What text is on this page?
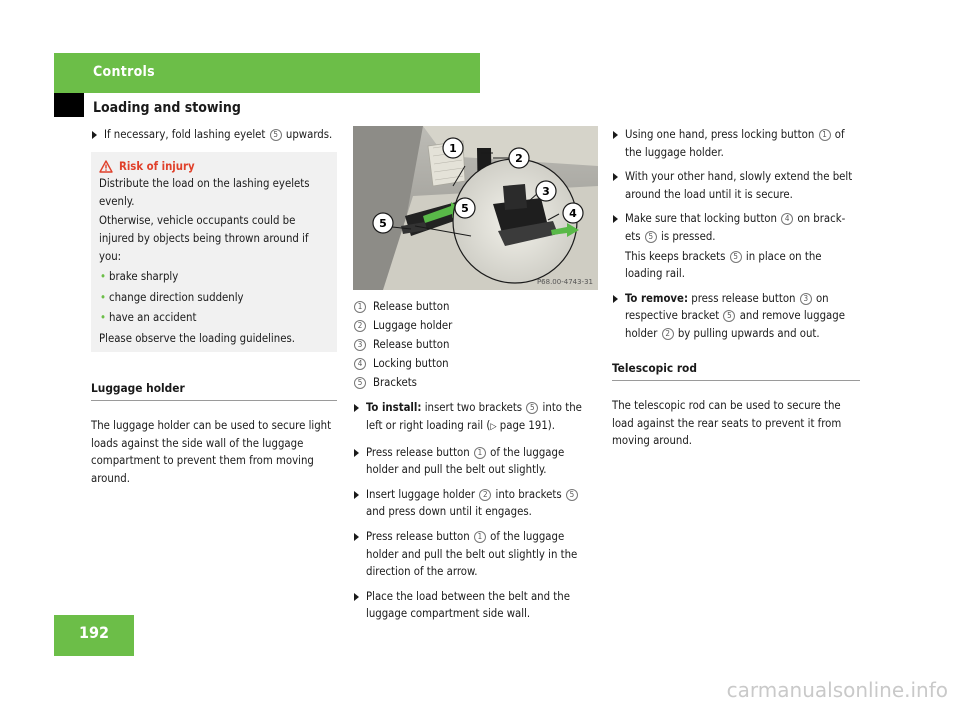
Controls
Loading and stowing
If necessary, fold lashing eyelet 5 upwards.
Risk of injury

Distribute the load on the lashing eyelets evenly.

Otherwise, vehicle occupants could be injured by objects being thrown around if you:

• brake sharply
• change direction suddenly
• have an accident

Please observe the loading guidelines.

Luggage holder

The luggage holder can be used to secure light loads against the side wall of the luggage compartment to prevent them from moving around.

1
2
3
4
5
5
P68.00-4743-31
1 Release button
2 Luggage holder
3 Release button
4 Locking button
5 Brackets
To install: insert two brackets 5 into the left or right loading rail (▷ page 191).
Press release button 1 of the luggage holder and pull the belt out slightly.
Insert luggage holder 2 into brackets 5 and press down until it engages.
Press release button 1 of the luggage holder and pull the belt out slightly in the direction of the arrow.
Place the load between the belt and the luggage compartment side wall.
Using one hand, press locking button 1 of the luggage holder.
With your other hand, slowly extend the belt around the load until it is secure.

Make sure that locking button 4 on brack-ets 5 is pressed.

This keeps brackets 5 in place on the loading rail.

To remove: press release button 3 on respective bracket 5 and remove luggage holder 2 by pulling upwards and out.
Telescopic rod

The telescopic rod can be used to secure the load against the rear seats to prevent it from moving around.

192
carmanualsonline.info
